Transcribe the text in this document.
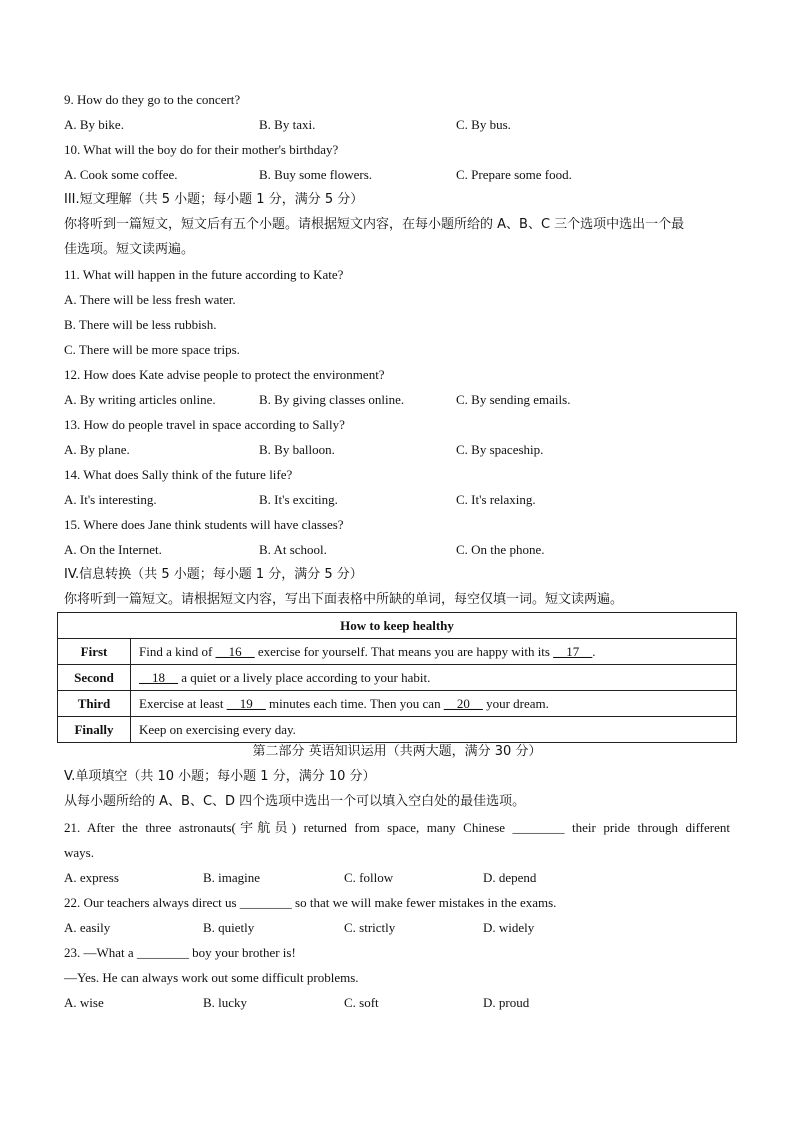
9. How do they go to the concert?
A. By bike.	B. By taxi.	C. By bus.
10. What will the boy do for their mother's birthday?
A. Cook some coffee.	B. Buy some flowers.	C. Prepare some food.
III.短文理解（共 5 小题；每小题 1 分，满分 5 分）
你将听到一篇短文，短文后有五个小题。请根据短文内容，在每小题所给的 A、B、C 三个选项中选出一个最
佳选项。短文读两遍。
11. What will happen in the future according to Kate?
A. There will be less fresh water.
B. There will be less rubbish.
C. There will be more space trips.
12. How does Kate advise people to protect the environment?
A. By writing articles online.	B. By giving classes online.	C. By sending emails.
13. How do people travel in space according to Sally?
A. By plane.	B. By balloon.	C. By spaceship.
14. What does Sally think of the future life?
A. It's interesting.	B. It's exciting.	C. It's relaxing.
15. Where does Jane think students will have classes?
A. On the Internet.	B. At school.	C. On the phone.
IV.信息转换（共 5 小题；每小题 1 分，满分 5 分）
你将听到一篇短文。请根据短文内容，写出下面表格中所缺的单词，每空仅填一词。短文读两遍。
How to keep healthy	
First	Find a kind of __16__ exercise for yourself. That means you are happy with its __17__.
Second	__18__ a quiet or a lively place according to your habit.
Third	Exercise at least __19__ minutes each time. Then you can __20__ your dream.
Finally	Keep on exercising every day.
第二部分 英语知识运用（共两大题，满分 30 分）
V.单项填空（共 10 小题；每小题 1 分，满分 10 分）
从每小题所给的 A、B、C、D 四个选项中选出一个可以填入空白处的最佳选项。
21. After the three astronauts(宇航员) returned from space, many Chinese ________ their pride through different
ways.
A. express	B. imagine	C. follow	D. depend
22. Our teachers always direct us ________ so that we will make fewer mistakes in the exams.
A. easily	B. quietly	C. strictly	D. widely
23. —What a ________ boy your brother is!
—Yes. He can always work out some difficult problems.
A. wise	B. lucky	C. soft	D. proud
